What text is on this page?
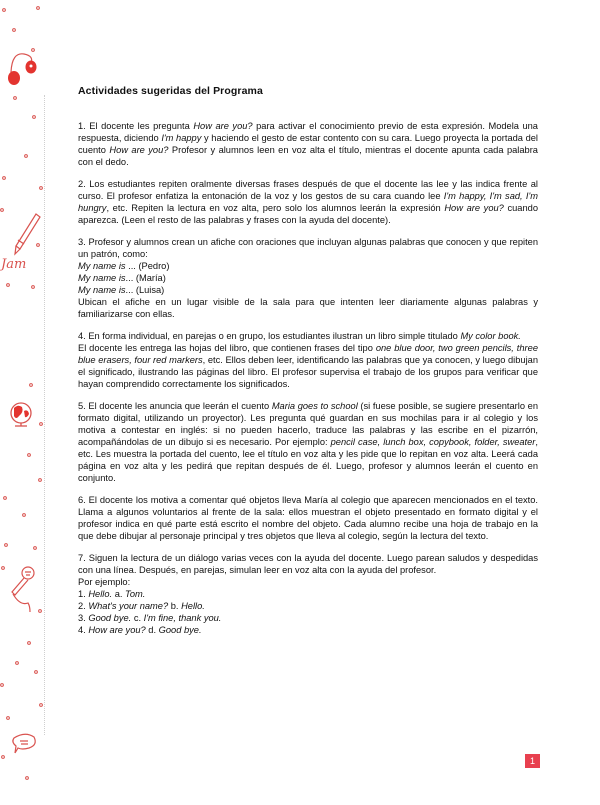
Jam
Actividades sugeridas del Programa

1. El docente les pregunta How are you? para activar el conocimiento previo de esta expresión. Modela una respuesta, diciendo I'm happy y haciendo el gesto de estar contento con su cara. Luego proyecta la portada del cuento How are you? Profesor y alumnos leen en voz alta el título, mientras el docente apunta cada palabra con el dedo.

2. Los estudiantes repiten oralmente diversas frases después de que el docente las lee y las indica frente al curso. El profesor enfatiza la entonación de la voz y los gestos de su cara cuando lee I'm happy, I'm sad, I'm hungry, etc. Repiten la lectura en voz alta, pero solo los alumnos leerán la expresión How are you? cuando aparezca. (Leen el resto de las palabras y frases con la ayuda del docente).

3. Profesor y alumnos crean un afiche con oraciones que incluyan algunas palabras que conocen y que repiten un patrón, como:
My name is ... (Pedro)
My name is... (María)
My name is... (Luisa)
Ubican el afiche en un lugar visible de la sala para que intenten leer diariamente algunas palabras y familiarizarse con ellas.

4. En forma individual, en parejas o en grupo, los estudiantes ilustran un libro simple titulado My color book.
El docente les entrega las hojas del libro, que contienen frases del tipo one blue door, two green pencils, three blue erasers, four red markers, etc. Ellos deben leer, identificando las palabras que ya conocen, y luego dibujan el significado, ilustrando las páginas del libro. El profesor supervisa el trabajo de los grupos para verificar que hayan comprendido correctamente los significados.

5. El docente les anuncia que leerán el cuento Maria goes to school (si fuese posible, se sugiere presentarlo en formato digital, utilizando un proyector). Les pregunta qué guardan en sus mochilas para ir al colegio y los motiva a contestar en inglés: si no pueden hacerlo, traduce las palabras y las escribe en el pizarrón, acompañándolas de un dibujo si es necesario. Por ejemplo: pencil case, lunch box, copybook, folder, sweater, etc. Les muestra la portada del cuento, lee el título en voz alta y les pide que lo repitan en voz alta. Leerá cada página en voz alta y les pedirá que repitan después de él. Luego, profesor y alumnos leerán el cuento en conjunto.

6. El docente los motiva a comentar qué objetos lleva María al colegio que aparecen mencionados en el texto. Llama a algunos voluntarios al frente de la sala: ellos muestran el objeto presentado en formato digital y el profesor indica en qué parte está escrito el nombre del objeto. Cada alumno recibe una hoja de trabajo en la que debe dibujar al personaje principal y tres objetos que lleva al colegio, según la lectura del texto.

7. Siguen la lectura de un diálogo varias veces con la ayuda del docente. Luego parean saludos y despedidas con una línea. Después, en parejas, simulan leer en voz alta con la ayuda del profesor.
Por ejemplo:
1. Hello. a. Tom.
2. What's your name? b. Hello.
3. Good bye. c. I'm fine, thank you.
4. How are you? d. Good bye.

1
